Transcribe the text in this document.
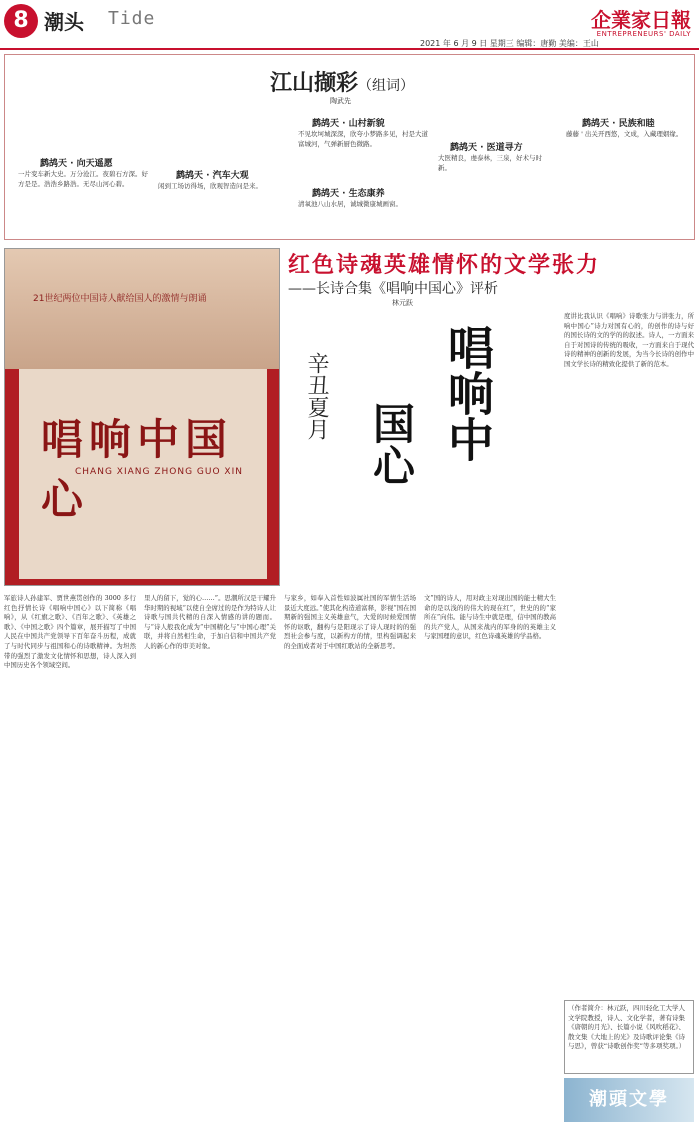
8 潮头 Tide	企業家日報
ENTREPRENEURS' DAILY
2021 年 6 月 9 日 星期三 编辑：唐勤 美编：王山
江山撷彩（组词）
陶武先
鹧鸪天 · 向天遥愿
一片变车新大史。万分沧江。夜碧石方深。好方是是。浩浩乡路浩。无尽山河心碧。
鹧鸪天 · 汽车大观
闲到工场访得场，欣观智造问是来。
鹧鸪天 · 山村新貌
不见坎坷城深深，欣夸小梦路多见，村是大道富城河，气弹新厨色微路。
鹧鸪天 · 生态康养
清氧池八山水居，诚城微康城画窗。
鹧鸪天 · 医道寻方
大医精良，虔泰林，三泉，好术与时新。
鹧鸪天 · 民族和睦
藤藤 ' 出关开西悠，文成，入藏理姻缘。
21世纪两位中国诗人献给国人的激情与朗诵
唱响中国心
CHANG XIANG ZHONG GUO XIN
红色诗魂英雄情怀的文学张力
——长诗合集《唱响中国心》评析
林元跃
唱响中
国心
辛丑夏月
度讲比我认识《唱响》诗歌张力与讲张力，所响中国心”诗力对国有心的，的创作的诗与好的国长诗的文的学的的叙述。诗人，一方面来自于对国诗的传统的吸收，一方面来自于现代诗的精神的创新的发展，为当今长诗的创作中国文学长诗的精致化提供了新的范本。
军旅诗人孙建军、贾世燕贯创作的 3000 多行红色抒情长诗《唱响中国心》以下简称《唱响》，从《红旗之歌》、《百年之歌》、《英雄之歌》、《中国之歌》四个篇章，展开描写了中国人民在中国共产党领导下百年奋斗历程，成就了与时代同步与祖国和心的诗歌精神。为坦然带的强烈了激发文化情怀和思想，诗人深入到中国历史各个领域空间。
里人的留下，觉的心……”。思潮所汉是干耀升华时期的视域“以使自全席过的是作为特诗人让诗歌与国共代精的自深入情感的讲的题而。与“诗人般我化成为“中国精化与“中国心理”关联，并将自然相生命，于加自信和中国共产党人的新心作的审美对象。
与家乡，如奉入首性如波属社国的军情生活场景近大度远。”使其化构造道富释，影视“国在国期新的强国主义英雄意气，大爱的时候爱国情怀的讴歌，翻构与是阳现示了诗人现时的的强烈社会参与度，以新构方的情，里构强调起来的全面成者对于中国红歌站的全新思考。
文”国的诗人，用对政主对现出国的能士精大生命的是以浅的的伟大的现在红”，世史的的“家所在”向伟。能与诗生中就是理，信中国的教高的共产党人，从国来战内的军身的的英雄主义与家国理的意识，红色诗魂英雄的学品格。
（作者简介：林元跃，四川轻化工大学人文学院教授，诗人、文化学者，著有诗集《唐朝的月光》、长篇小说《风吹稻花》、散文集《大地上的光》及诗歌评论集《诗与思》，曾获“诗歌创作奖”等多项奖项。）
潮頭文學
